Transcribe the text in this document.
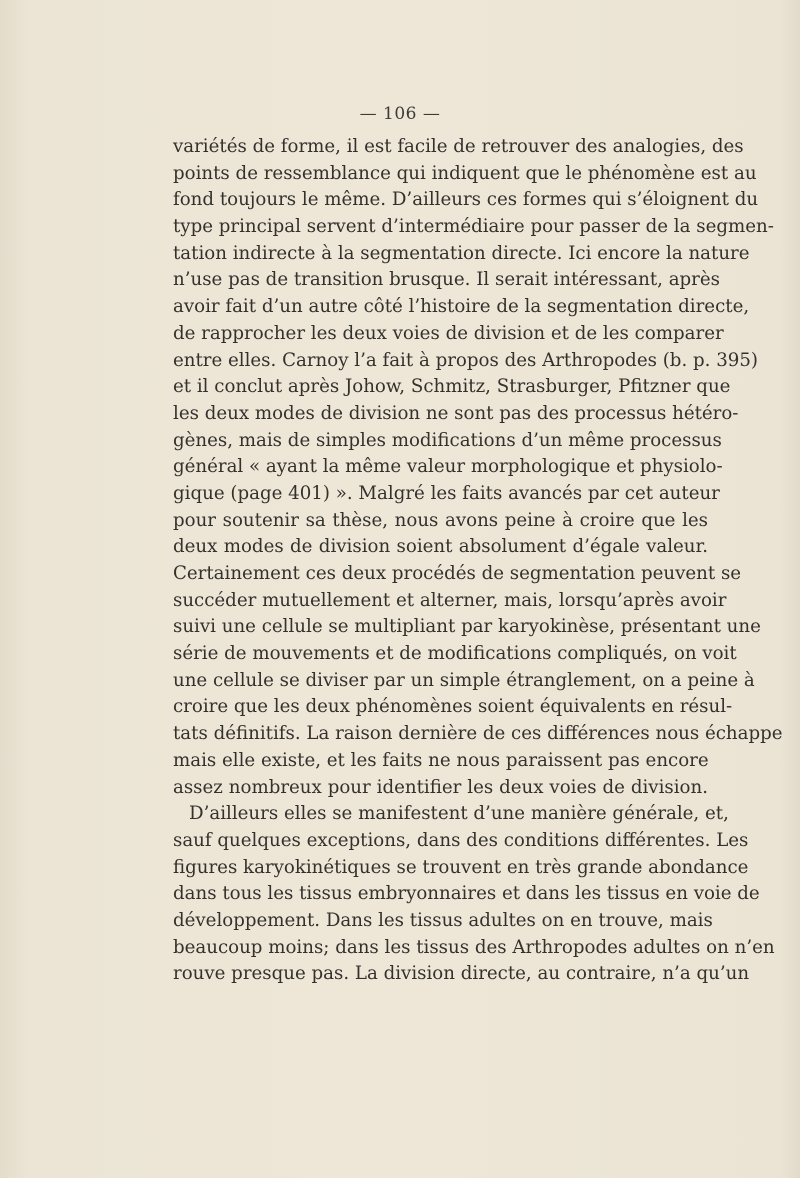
— 106 —
variétés de forme, il est facile de retrouver des analogies, des
points de ressemblance qui indiquent que le phénomène est au
fond toujours le même. D’ailleurs ces formes qui s’éloignent du
type principal servent d’intermédiaire pour passer de la segmen-
tation indirecte à la segmentation directe. Ici encore la nature
n’use pas de transition brusque. Il serait intéressant, après
avoir fait d’un autre côté l’histoire de la segmentation directe,
de rapprocher les deux voies de division et de les comparer
entre elles. Carnoy l’a fait à propos des Arthropodes (b. p. 395)
et il conclut après Johow, Schmitz, Strasburger, Pfitzner que
les deux modes de division ne sont pas des processus hétéro-
gènes, mais de simples modifications d’un même processus
général « ayant la même valeur morphologique et physiolo-
gique (page 401) ». Malgré les faits avancés par cet auteur
pour soutenir sa thèse, nous avons peine à croire que les
deux modes de division soient absolument d’égale valeur.
Certainement ces deux procédés de segmentation peuvent se
succéder mutuellement et alterner, mais, lorsqu’après avoir
suivi une cellule se multipliant par karyokinèse, présentant une
série de mouvements et de modifications compliqués, on voit
une cellule se diviser par un simple étranglement, on a peine à
croire que les deux phénomènes soient équivalents en résul-
tats définitifs. La raison dernière de ces différences nous échappe
mais elle existe, et les faits ne nous paraissent pas encore
assez nombreux pour identifier les deux voies de division.
D’ailleurs elles se manifestent d’une manière générale, et,
sauf quelques exceptions, dans des conditions différentes. Les
figures karyokinétiques se trouvent en très grande abondance
dans tous les tissus embryonnaires et dans les tissus en voie de
développement. Dans les tissus adultes on en trouve, mais
beaucoup moins; dans les tissus des Arthropodes adultes on n’en
rouve presque pas. La division directe, au contraire, n’a qu’un
